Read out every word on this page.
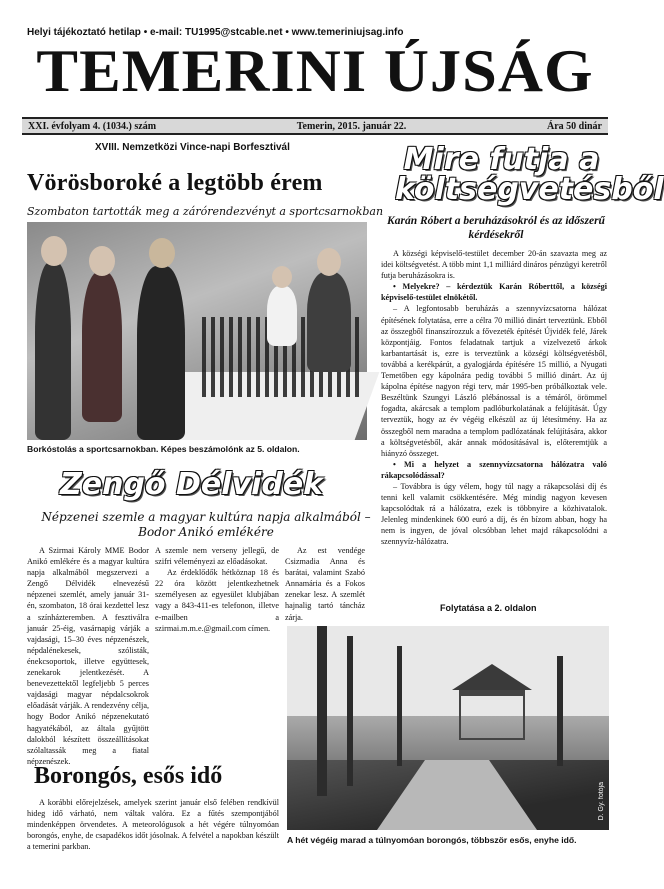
Helyi tájékoztató hetilap • e-mail: TU1995@stcable.net • www.temeriniujsag.info
TEMERINI ÚJSÁG
XXI. évfolyam 4. (1034.) szám	Temerin, 2015. január 22.	Ára 50 dinár
XVIII. Nemzetközi Vince-napi Borfesztivál
Vörösboroké a legtöbb érem
Szombaton tartották meg a zárórendezvényt a sportcsarnokban
Borkóstolás a sportcsarnokban. Képes beszámolónk az 5. oldalon.
Zengő Délvidék
Népzenei szemle a magyar kultúra napja alkalmából – Bodor Anikó emlékére

A Szirmai Károly MME Bodor Anikó emlékére és a magyar kultúra napja alkalmából megszervezi a Zengő Délvidék elnevezésű népzenei szemlét, amely január 31-én, szombaton, 18 órai kezdettel lesz a színházteremben. A fesztiválra január 25-éig, vasárnapig várják a vajdasági, 15–30 éves népzenészek, népdalénekesek, szólisták, énekcsoportok, illetve együttesek, zenekarok jelentkezését. A benevezettektől legfeljebb 5 perces vajdasági magyar népdalcsokrok előadását várják. A rendezvény célja, hogy Bodor Anikó népzenekutató hagyatékából, az általa gyűjtött dalokból készített összeállításokat szólaltassák meg a fiatal népzenészek.

A szemle nem verseny jellegű, de szifri véleményezi az előadásokat.

Az érdeklődők hétköznap 18 és 22 óra között jelentkezhetnek személyesen az egyesület klubjában vagy a 843-411-es telefonon, illetve e-mailben a szirmai.m.m.e.@gmail.com címen.

Az est vendége Csizmadia Anna és barátai, valamint Szabó Annamária és a Fokos zenekar lesz. A szemlét hajnalig tartó táncház zárja.

Mire futja a
költségvetésből
Karán Róbert a beruházásokról és az időszerű kérdésekről

A községi képviselő-testület december 20-án szavazta meg az idei költségvetést. A több mint 1,1 milliárd dináros pénzügyi keretről futja beruházásokra is.

• Melyekre? – kérdeztük Karán Róberttől, a községi képviselő-testület elnökétől.

– A legfontosabb beruházás a szennyvízcsatorna hálózat építésének folytatása, erre a célra 70 millió dinárt terveztünk. Ebből az összegből finanszírozzuk a fővezeték építését Újvidék felé, Járek központjáig. Fontos feladatnak tartjuk a vízelvezető árkok karbantartását is, ezre is terveztünk a községi költségvetésből, továbbá a kerékpárút, a gyalogjárda építésére 15 millió, a Nyugati Temetőben egy kápolnára pedig további 5 millió dinárt. Az új kápolna építése nagyon régi terv, már 1995-ben próbálkoztak vele. Beszéltünk Szungyi László plébánossal is a témáról, örömmel fogadta, akárcsak a templom padlóburkolatának a felújítását. Úgy terveztük, hogy az év végéig elkészül az új létesítmény. Ha az összegből nem maradna a templom padlózatának felújítására, akkor a költségvetésből, akár annak módosításával is, előteremtjük a hiányzó összeget.

• Mi a helyzet a szennyvízcsatorna hálózatra való rákapcsolódással?

– Továbbra is úgy vélem, hogy túl nagy a rákapcsolási díj és tenni kell valamit csökkentésére. Még mindig nagyon kevesen kapcsolódtak rá a hálózatra, ezek is többnyire a közhivatalok. Jelenleg mindenkinek 600 euró a díj, és én bízom abban, hogy ha nem is ingyen, de jóval olcsóbban lehet majd rákapcsolódni a szennyvíz-hálózatra.

Folytatása a 2. oldalon
D. Gy. fotója
A hét végéig marad a túlnyomóan borongós, többször esős, enyhe idő.
Borongós, esős idő

A korábbi előrejelzések, amelyek szerint január első felében rendkívül hideg idő várható, nem váltak valóra. Ez a fűtés szempontjából mindenképpen örvendetes. A meteorológusok a hét végére túlnyomóan borongós, enyhe, de csapadékos időt jósolnak. A felvétel a napokban készült a temerini parkban.
